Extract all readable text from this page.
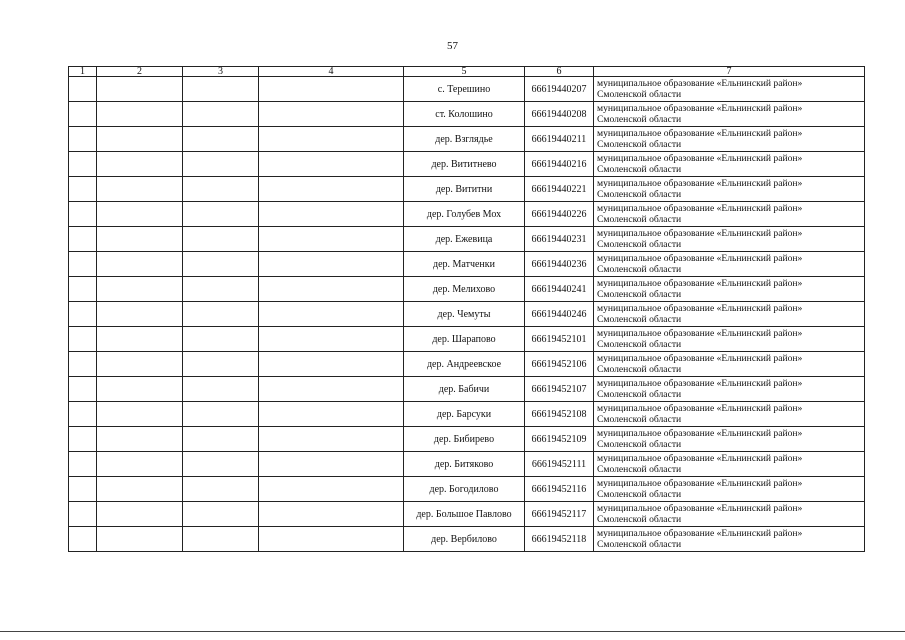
57
1	2	3	4	5	6	7
				с. Терешино	66619440207	муниципальное образование «Ельнинский район»
Смоленской области

				ст. Колошино	66619440208	муниципальное образование «Ельнинский район»
Смоленской области

				дер. Взглядье	66619440211	муниципальное образование «Ельнинский район»
Смоленской области

				дер. Вититнево	66619440216	муниципальное образование «Ельнинский район»
Смоленской области

				дер. Вититни	66619440221	муниципальное образование «Ельнинский район»
Смоленской области

				дер. Голубев Мох	66619440226	муниципальное образование «Ельнинский район»
Смоленской области

				дер. Ежевица	66619440231	муниципальное образование «Ельнинский район»
Смоленской области

				дер. Матченки	66619440236	муниципальное образование «Ельнинский район»
Смоленской области

				дер. Мелихово	66619440241	муниципальное образование «Ельнинский район»
Смоленской области

				дер. Чемуты	66619440246	муниципальное образование «Ельнинский район»
Смоленской области

				дер. Шарапово	66619452101	муниципальное образование «Ельнинский район»
Смоленской области

				дер. Андреевское	66619452106	муниципальное образование «Ельнинский район»
Смоленской области

				дер. Бабичи	66619452107	муниципальное образование «Ельнинский район»
Смоленской области

				дер. Барсуки	66619452108	муниципальное образование «Ельнинский район»
Смоленской области

				дер. Бибирево	66619452109	муниципальное образование «Ельнинский район»
Смоленской области

				дер. Битяково	66619452111	муниципальное образование «Ельнинский район»
Смоленской области

				дер. Богодилово	66619452116	муниципальное образование «Ельнинский район»
Смоленской области

				дер. Большое Павлово	66619452117	муниципальное образование «Ельнинский район»
Смоленской области

				дер. Вербилово	66619452118	муниципальное образование «Ельнинский район»
Смоленской области
